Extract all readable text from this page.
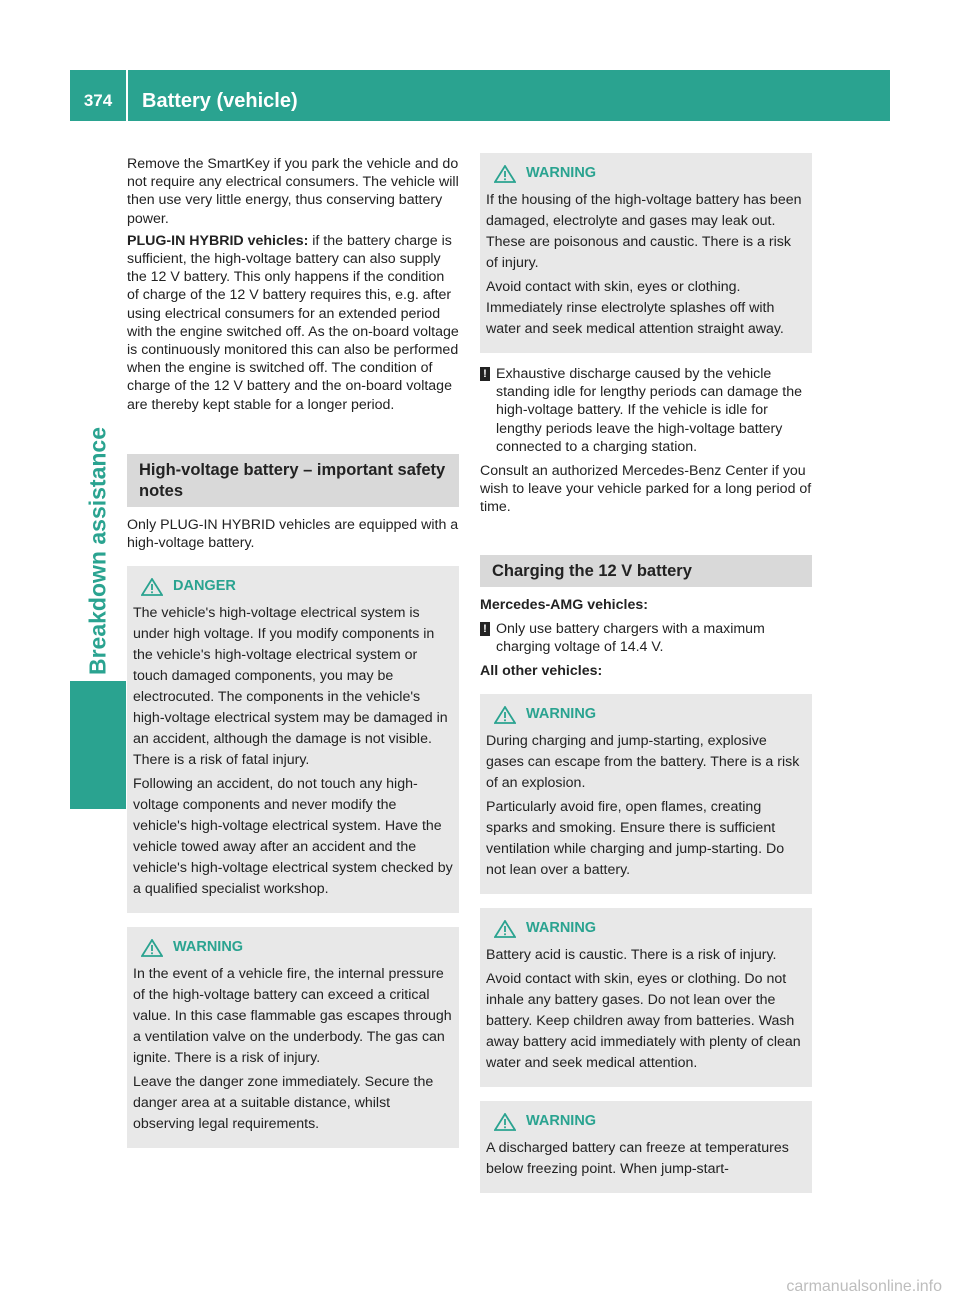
374	Battery (vehicle)
Breakdown assistance

Remove the SmartKey if you park the vehicle and do not require any electrical consumers. The vehicle will then use very little energy, thus conserving battery power.

PLUG-IN HYBRID vehicles: if the battery charge is sufficient, the high-voltage battery can also supply the 12 V battery. This only happens if the condition of charge of the 12 V battery requires this, e.g. after using electrical consumers for an extended period with the engine switched off. As the on-board voltage is continuously monitored this can also be performed when the engine is switched off. The condition of charge of the 12 V battery and the on-board voltage are thereby kept stable for a longer period.

High-voltage battery – important safety notes

Only PLUG-IN HYBRID vehicles are equipped with a high-voltage battery.

DANGER

The vehicle's high-voltage electrical system is under high voltage. If you modify components in the vehicle's high-voltage electrical system or touch damaged components, you may be electrocuted. The components in the vehicle's high-voltage electrical system may be damaged in an accident, although the damage is not visible. There is a risk of fatal injury.

Following an accident, do not touch any high-voltage components and never modify the vehicle's high-voltage electrical system. Have the vehicle towed away after an accident and the vehicle's high-voltage electrical system checked by a qualified specialist workshop.

WARNING

In the event of a vehicle fire, the internal pressure of the high-voltage battery can exceed a critical value. In this case flammable gas escapes through a ventilation valve on the underbody. The gas can ignite. There is a risk of injury.

Leave the danger zone immediately. Secure the danger area at a suitable distance, whilst observing legal requirements.

WARNING

If the housing of the high-voltage battery has been damaged, electrolyte and gases may leak out. These are poisonous and caustic. There is a risk of injury.

Avoid contact with skin, eyes or clothing. Immediately rinse electrolyte splashes off with water and seek medical attention straight away.

! Exhaustive discharge caused by the vehicle standing idle for lengthy periods can damage the high-voltage battery. If the vehicle is idle for lengthy periods leave the high-voltage battery connected to a charging station.

Consult an authorized Mercedes-Benz Center if you wish to leave your vehicle parked for a long period of time.

Charging the 12 V battery

Mercedes-AMG vehicles:

! Only use battery chargers with a maximum charging voltage of 14.4 V.

All other vehicles:

WARNING

During charging and jump-starting, explosive gases can escape from the battery. There is a risk of an explosion.

Particularly avoid fire, open flames, creating sparks and smoking. Ensure there is sufficient ventilation while charging and jump-starting. Do not lean over a battery.

WARNING

Battery acid is caustic. There is a risk of injury.

Avoid contact with skin, eyes or clothing. Do not inhale any battery gases. Do not lean over the battery. Keep children away from batteries. Wash away battery acid immediately with plenty of clean water and seek medical attention.

WARNING

A discharged battery can freeze at temperatures below freezing point. When jump-start-

carmanualsonline.info
